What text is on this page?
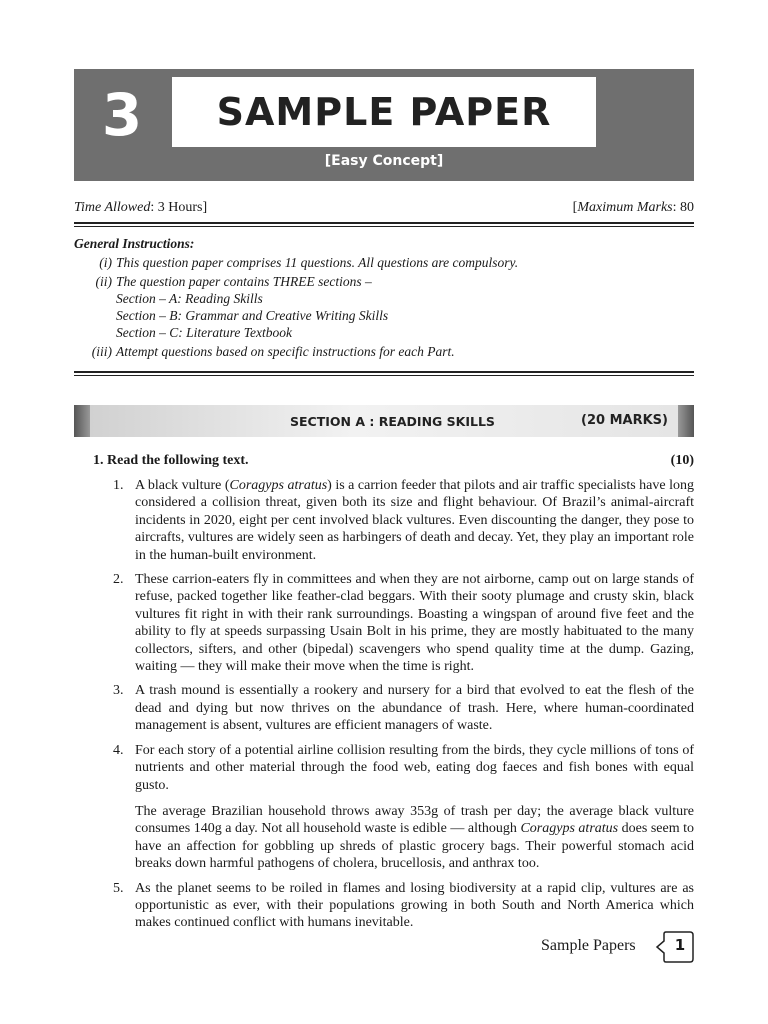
3	SAMPLE PAPER
[Easy Concept]
Time Allowed: 3 Hours]	[Maximum Marks: 80
General Instructions:
(i) This question paper comprises 11 questions. All questions are compulsory.
(ii) The question paper contains THREE sections –
Section – A: Reading Skills
Section – B: Grammar and Creative Writing Skills
Section – C: Literature Textbook
(iii) Attempt questions based on specific instructions for each Part.
SECTION A : READING SKILLS	(20 MARKS)
1. Read the following text.	(10)
1. A black vulture (Coragyps atratus) is a carrion feeder that pilots and air traffic specialists have long considered a collision threat, given both its size and flight behaviour. Of Brazil’s animal-aircraft incidents in 2020, eight per cent involved black vultures. Even discounting the danger, they pose to aircrafts, vultures are widely seen as harbingers of death and decay. Yet, they play an important role in the human-built environment.
2. These carrion-eaters fly in committees and when they are not airborne, camp out on large stands of refuse, packed together like feather-clad beggars. With their sooty plumage and crusty skin, black vultures fit right in with their rank surroundings. Boasting a wingspan of around five feet and the ability to fly at speeds surpassing Usain Bolt in his prime, they are mostly habituated to the many collectors, sifters, and other (bipedal) scavengers who spend quality time at the dump. Gazing, waiting — they will make their move when the time is right.
3. A trash mound is essentially a rookery and nursery for a bird that evolved to eat the flesh of the dead and dying but now thrives on the abundance of trash. Here, where human-coordinated management is absent, vultures are efficient managers of waste.
4. For each story of a potential airline collision resulting from the birds, they cycle millions of tons of nutrients and other material through the food web, eating dog faeces and fish bones with equal gusto.
The average Brazilian household throws away 353g of trash per day; the average black vulture consumes 140g a day. Not all household waste is edible — although Coragyps atratus does seem to have an affection for gobbling up shreds of plastic grocery bags. Their powerful stomach acid breaks down harmful pathogens of cholera, brucellosis, and anthrax too.
5. As the planet seems to be roiled in flames and losing biodiversity at a rapid clip, vultures are as opportunistic as ever, with their populations growing in both South and North America which makes continued conflict with humans inevitable.
Sample Papers	1
